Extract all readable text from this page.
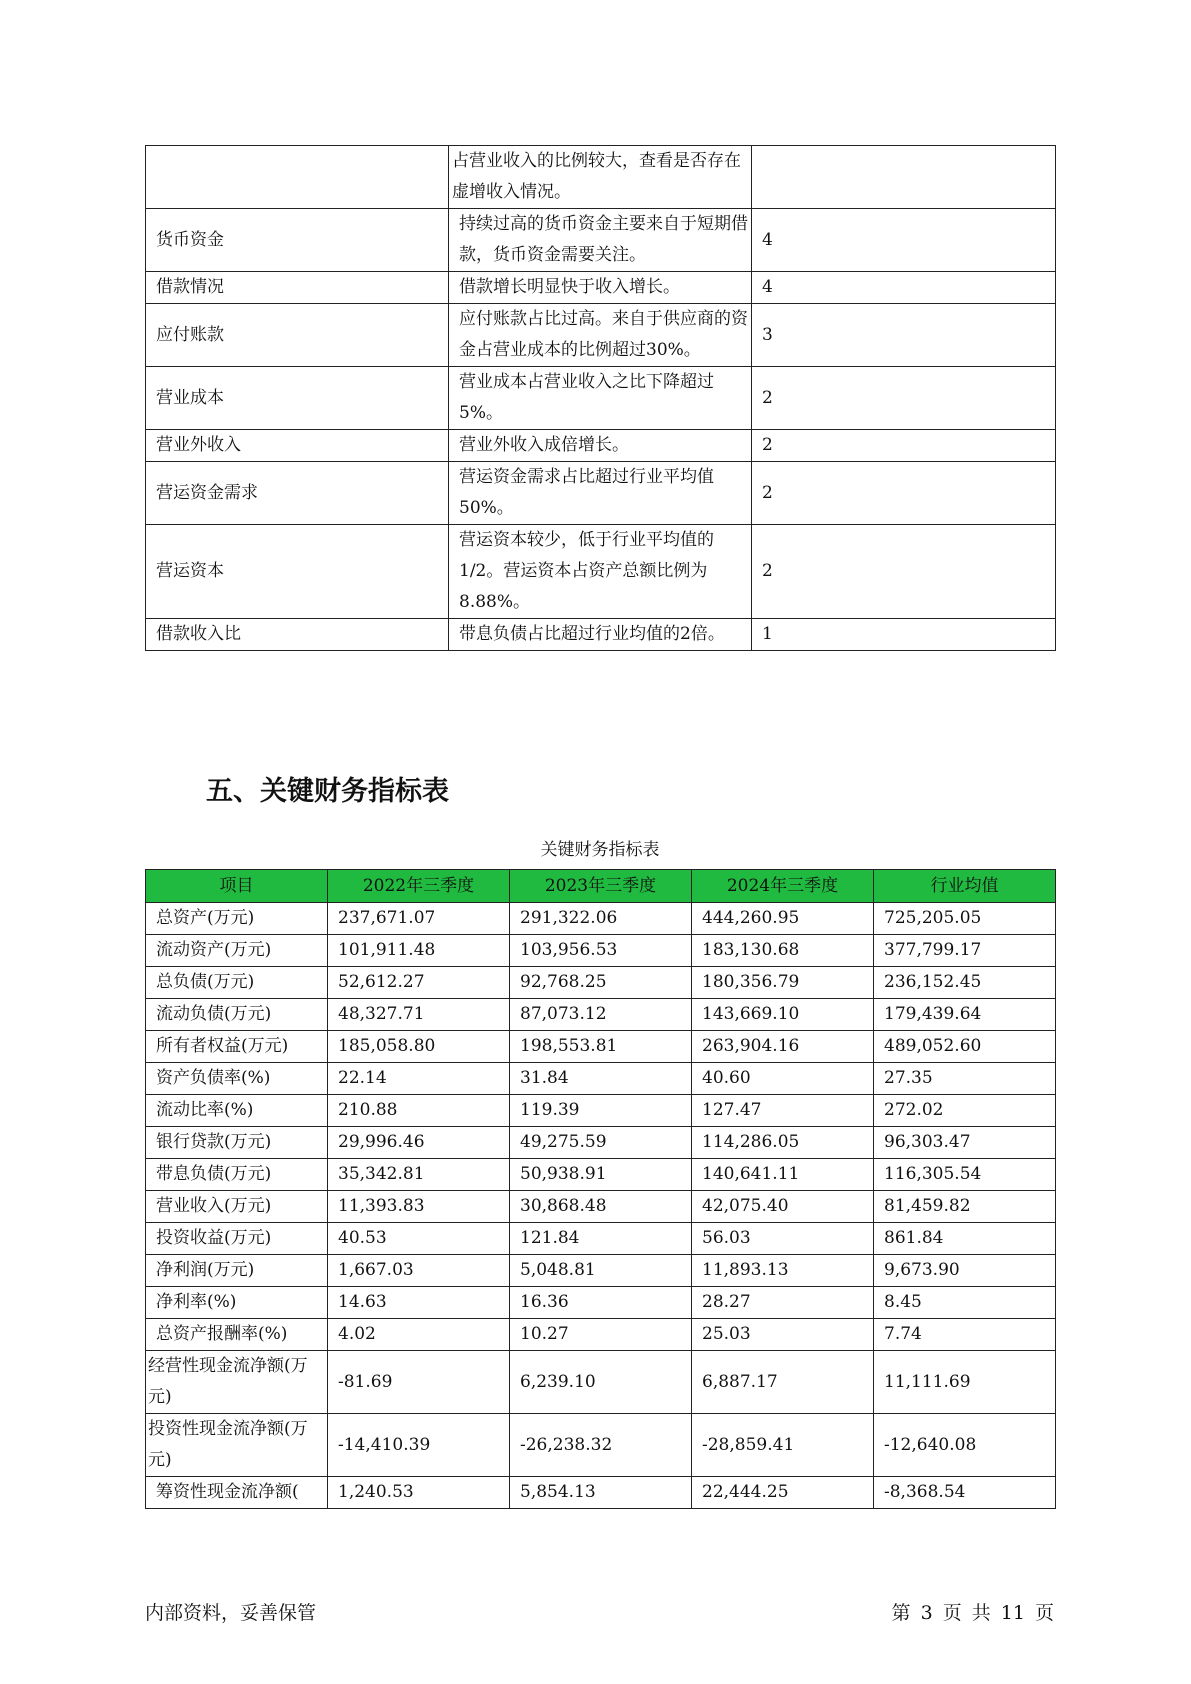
	占营业收入的比例较大，查看是否存在虚增收入情况。	
货币资金	持续过高的货币资金主要来自于短期借款，货币资金需要关注。	4
借款情况	借款增长明显快于收入增长。	4
应付账款	应付账款占比过高。来自于供应商的资金占营业成本的比例超过30%。	3
营业成本	营业成本占营业收入之比下降超过5%。	2
营业外收入	营业外收入成倍增长。	2
营运资金需求	营运资金需求占比超过行业平均值50%。	2
营运资本	营运资本较少，低于行业平均值的1/2。营运资本占资产总额比例为8.88%。	2
借款收入比	带息负债占比超过行业均值的2倍。	1
五、关键财务指标表
关键财务指标表
项目	2022年三季度	2023年三季度	2024年三季度	行业均值
总资产(万元)	237,671.07	291,322.06	444,260.95	725,205.05
流动资产(万元)	101,911.48	103,956.53	183,130.68	377,799.17
总负债(万元)	52,612.27	92,768.25	180,356.79	236,152.45
流动负债(万元)	48,327.71	87,073.12	143,669.10	179,439.64
所有者权益(万元)	185,058.80	198,553.81	263,904.16	489,052.60
资产负债率(%)	22.14	31.84	40.60	27.35
流动比率(%)	210.88	119.39	127.47	272.02
银行贷款(万元)	29,996.46	49,275.59	114,286.05	96,303.47
带息负债(万元)	35,342.81	50,938.91	140,641.11	116,305.54
营业收入(万元)	11,393.83	30,868.48	42,075.40	81,459.82
投资收益(万元)	40.53	121.84	56.03	861.84
净利润(万元)	1,667.03	5,048.81	11,893.13	9,673.90
净利率(%)	14.63	16.36	28.27	8.45
总资产报酬率(%)	4.02	10.27	25.03	7.74
经营性现金流净额(万元)	-81.69	6,239.10	6,887.17	11,111.69
投资性现金流净额(万元)	-14,410.39	-26,238.32	-28,859.41	-12,640.08
筹资性现金流净额(	1,240.53	5,854.13	22,444.25	-8,368.54
内部资料，妥善保管	第 3 页 共 11 页
